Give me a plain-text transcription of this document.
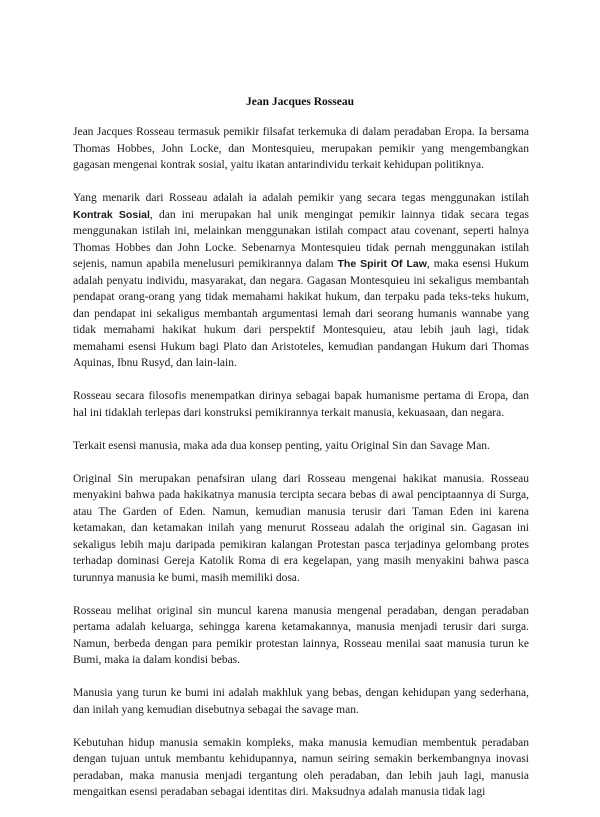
Jean Jacques Rosseau

Jean Jacques Rosseau termasuk pemikir filsafat terkemuka di dalam peradaban Eropa. Ia bersama Thomas Hobbes, John Locke, dan Montesquieu, merupakan pemikir yang mengembangkan gagasan mengenai kontrak sosial, yaitu ikatan antarindividu terkait kehidupan politiknya.

Yang menarik dari Rosseau adalah ia adalah pemikir yang secara tegas menggunakan istilah Kontrak Sosial, dan ini merupakan hal unik mengingat pemikir lainnya tidak secara tegas menggunakan istilah ini, melainkan menggunakan istilah compact atau covenant, seperti halnya Thomas Hobbes dan John Locke. Sebenarnya Montesquieu tidak pernah menggunakan istilah sejenis, namun apabila menelusuri pemikirannya dalam The Spirit Of Law, maka esensi Hukum adalah penyatu individu, masyarakat, dan negara. Gagasan Montesquieu ini sekaligus membantah pendapat orang-orang yang tidak memahami hakikat hukum, dan terpaku pada teks-teks hukum, dan pendapat ini sekaligus membantah argumentasi lemah dari seorang humanis wannabe yang tidak memahami hakikat hukum dari perspektif Montesquieu, atau lebih jauh lagi, tidak memahami esensi Hukum bagi Plato dan Aristoteles, kemudian pandangan Hukum dari Thomas Aquinas, Ibnu Rusyd, dan lain-lain.

Rosseau secara filosofis menempatkan dirinya sebagai bapak humanisme pertama di Eropa, dan hal ini tidaklah terlepas dari konstruksi pemikirannya terkait manusia, kekuasaan, dan negara.

Terkait esensi manusia, maka ada dua konsep penting, yaitu Original Sin dan Savage Man.

Original Sin merupakan penafsiran ulang dari Rosseau mengenai hakikat manusia. Rosseau menyakini bahwa pada hakikatnya manusia tercipta secara bebas di awal penciptaannya di Surga, atau The Garden of Eden. Namun, kemudian manusia terusir dari Taman Eden ini karena ketamakan, dan ketamakan inilah yang menurut Rosseau adalah the original sin. Gagasan ini sekaligus lebih maju daripada pemikiran kalangan Protestan pasca terjadinya gelombang protes terhadap dominasi Gereja Katolik Roma di era kegelapan, yang masih menyakini bahwa pasca turunnya manusia ke bumi, masih memiliki dosa.

Rosseau melihat original sin muncul karena manusia mengenal peradaban, dengan peradaban pertama adalah keluarga, sehingga karena ketamakannya, manusia menjadi terusir dari surga. Namun, berbeda dengan para pemikir protestan lainnya, Rosseau menilai saat manusia turun ke Bumi, maka ia dalam kondisi bebas.

Manusia yang turun ke bumi ini adalah makhluk yang bebas, dengan kehidupan yang sederhana, dan inilah yang kemudian disebutnya sebagai the savage man.

Kebutuhan hidup manusia semakin kompleks, maka manusia kemudian membentuk peradaban dengan tujuan untuk membantu kehidupannya, namun seiring semakin berkembangnya inovasi peradaban, maka manusia menjadi tergantung oleh peradaban, dan lebih jauh lagi, manusia mengaitkan esensi peradaban sebagai identitas diri. Maksudnya adalah manusia tidak lagi
